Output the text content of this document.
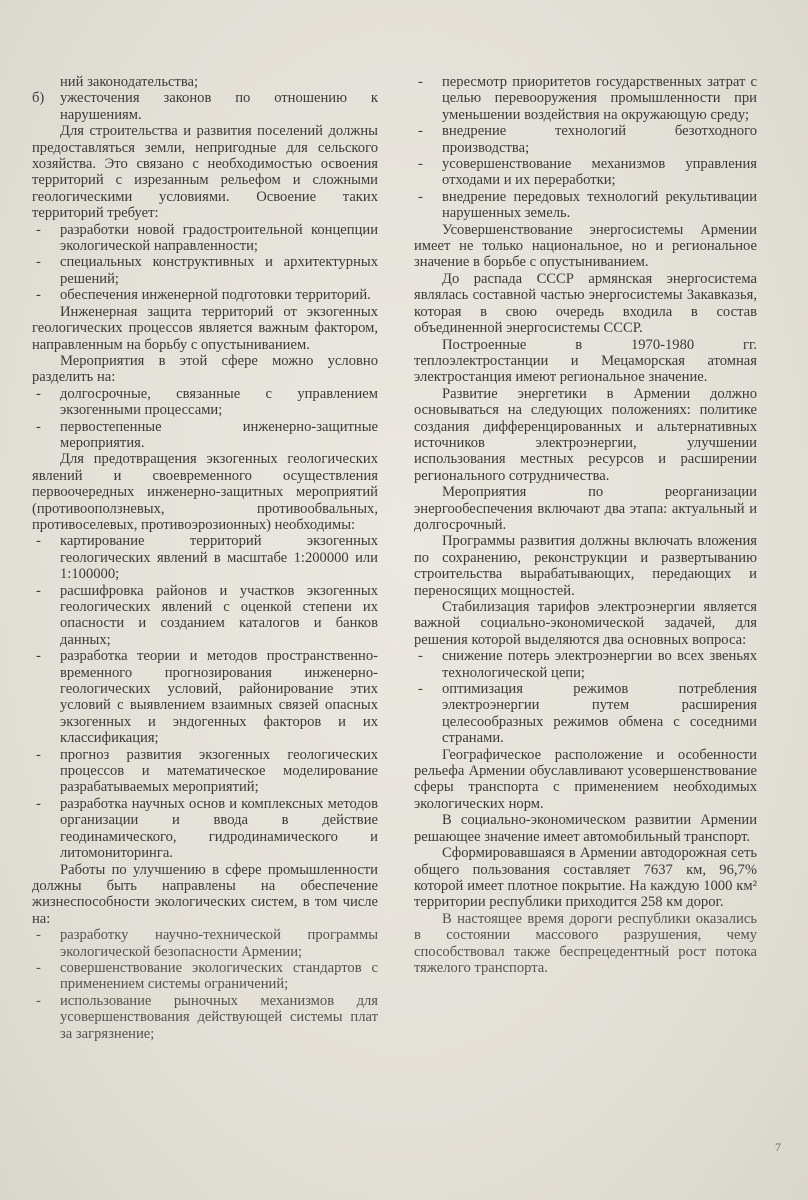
ний законодательства;

б) ужесточения законов по отношению к нарушениям.

Для строительства и развития поселений должны предоставляться земли, непригодные для сельского хозяйства. Это связано с необходимостью освоения территорий с изрезанным рельефом и сложными геологическими условиями. Освоение таких территорий требует:

- разработки новой градостроительной концепции экологической направленности;

- специальных конструктивных и архитектурных решений;

- обеспечения инженерной подготовки территорий.

Инженерная защита территорий от экзогенных геологических процессов является важным фактором, направленным на борьбу с опустыниванием.

Мероприятия в этой сфере можно условно разделить на:

- долгосрочные, связанные с управлением экзогенными процессами;

- первостепенные инженерно-защитные мероприятия.

Для предотвращения экзогенных геологических явлений и своевременного осуществления первоочередных инженерно-защитных мероприятий (противооползневых, противообвальных, противоселевых, противоэрозионных) необходимы:

- картирование территорий экзогенных геологических явлений в масштабе 1:200000 или 1:100000;

- расшифровка районов и участков экзогенных геологических явлений с оценкой степени их опасности и созданием каталогов и банков данных;

- разработка теории и методов пространственно-временного прогнозирования инженерно-геологических условий, районирование этих условий с выявлением взаимных связей опасных экзогенных и эндогенных факторов и их классификация;

- прогноз развития экзогенных геологических процессов и математическое моделирование разрабатываемых мероприятий;

- разработка научных основ и комплексных методов организации и ввода в действие геодинамического, гидродинамического и литомониторинга.

Работы по улучшению в сфере промышленности должны быть направлены на обеспечение жизнеспособности экологических систем, в том числе на:

- разработку научно-технической программы экологической безопасности Армении;

- совершенствование экологических стандартов с применением системы ограничений;

- использование рыночных механизмов для усовершенствования действующей системы плат за загрязнение;

- пересмотр приоритетов государственных затрат с целью перевооружения промышленности при уменьшении воздействия на окружающую среду;

- внедрение технологий безотходного производства;

- усовершенствование механизмов управления отходами и их переработки;

- внедрение передовых технологий рекультивации нарушенных земель.

Усовершенствование энергосистемы Армении имеет не только национальное, но и региональное значение в борьбе с опустыниванием.

До распада СССР армянская энергосистема являлась составной частью энергосистемы Закавказья, которая в свою очередь входила в состав объединенной энергосистемы СССР.

Построенные в 1970-1980 гг. теплоэлектростанции и Мецаморская атомная электростанция имеют региональное значение.

Развитие энергетики в Армении должно основываться на следующих положениях: политике создания дифференцированных и альтернативных источников электроэнергии, улучшении использования местных ресурсов и расширении регионального сотрудничества.

Мероприятия по реорганизации энергообеспечения включают два этапа: актуальный и долгосрочный.

Программы развития должны включать вложения по сохранению, реконструкции и развертыванию строительства вырабатывающих, передающих и переносящих мощностей.

Стабилизация тарифов электроэнергии является важной социально-экономической задачей, для решения которой выделяются два основных вопроса:

- снижение потерь электроэнергии во всех звеньях технологической цепи;

- оптимизация режимов потребления электроэнергии путем расширения целесообразных режимов обмена с соседними странами.

Географическое расположение и особенности рельефа Армении обуславливают усовершенствование сферы транспорта с применением необходимых экологических норм.

В социально-экономическом развитии Армении решающее значение имеет автомобильный транспорт.

Сформировавшаяся в Армении автодорожная сеть общего пользования составляет 7637 км, 96,7% которой имеет плотное покрытие. На каждую 1000 км² территории республики приходится 258 км дорог.

В настоящее время дороги республики оказались в состоянии массового разрушения, чему способствовал также беспрецедентный рост потока тяжелого транспорта.

7
